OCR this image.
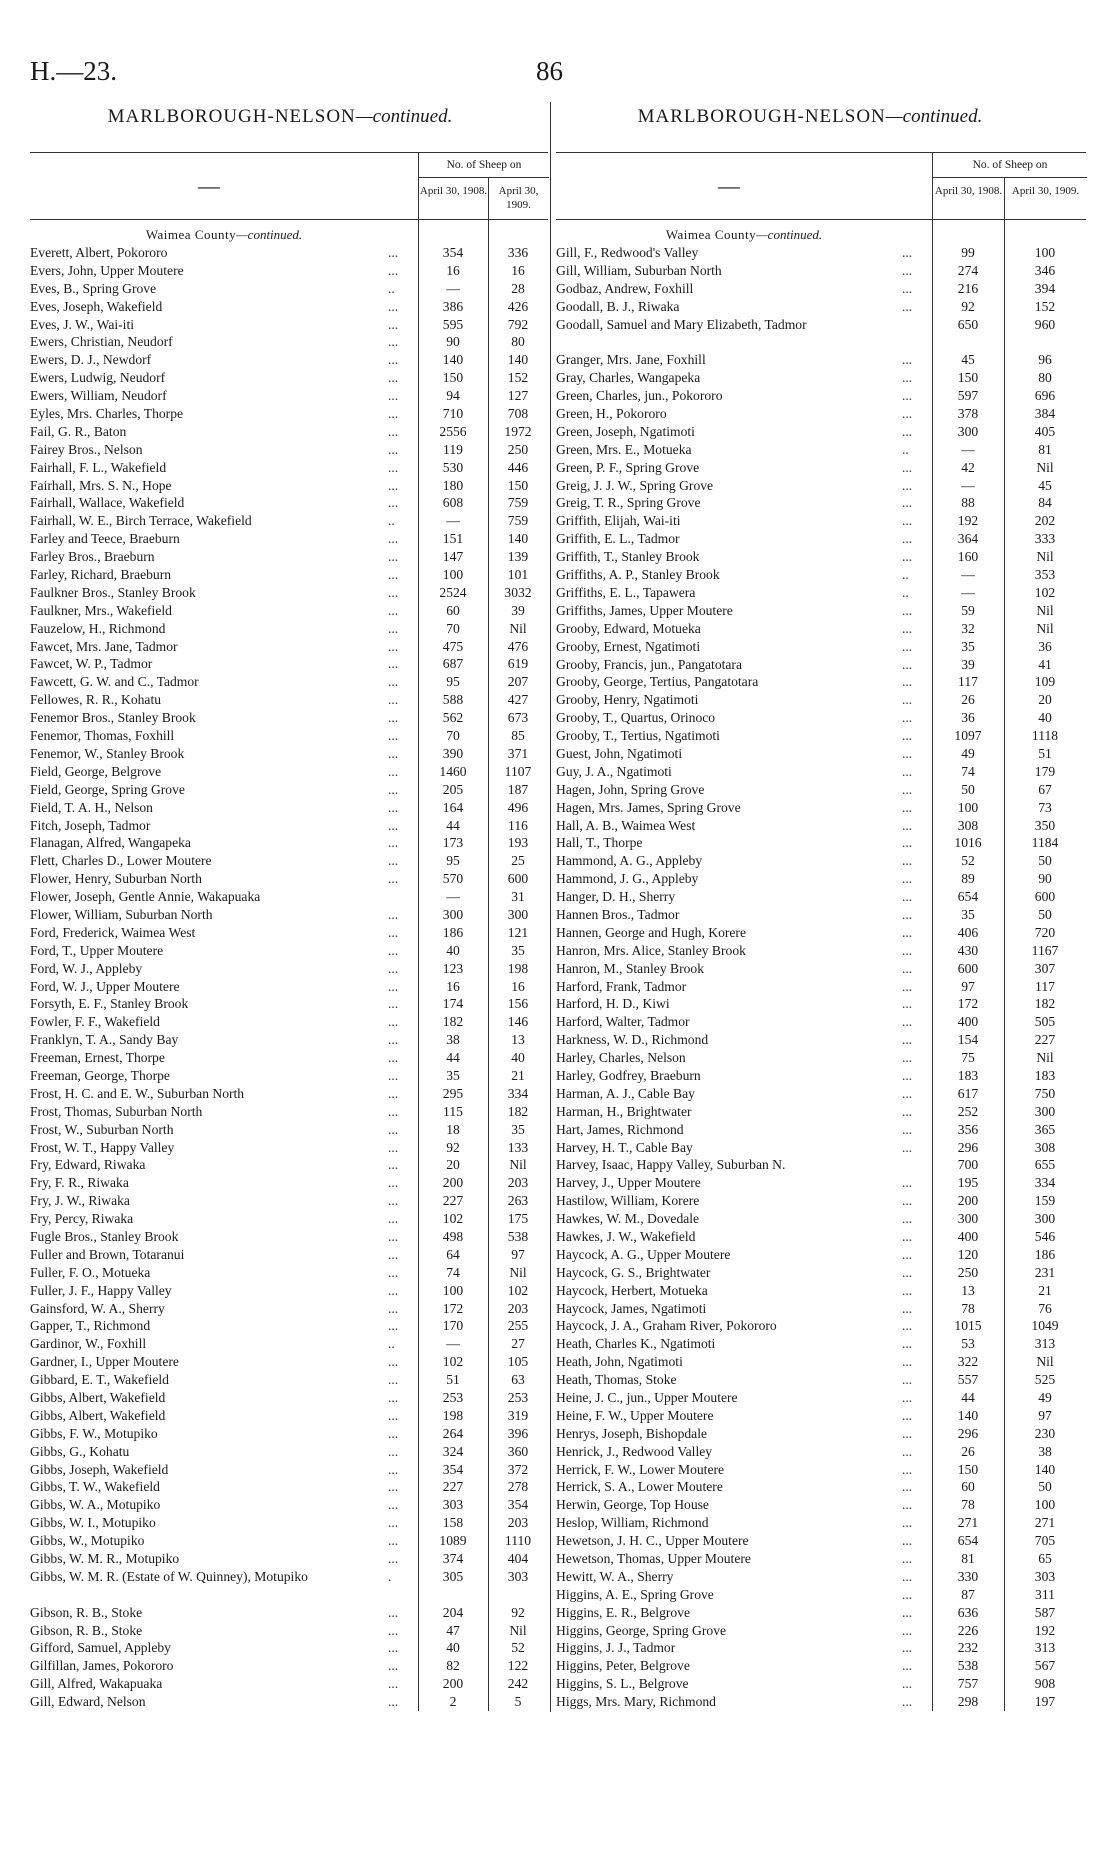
H.—23.	86
MARLBOROUGH-NELSON—continued.	MARLBOROUGH-NELSON—continued.
—
No. of Sheep on
April 30, 1908.	April 30, 1909.
Waimea County—continued.
Everett, Albert, Pokororo	...	354	336
Evers, John, Upper Moutere	...	16	16
Eves, B., Spring Grove	..	—	28
Eves, Joseph, Wakefield	...	386	426
Eves, J. W., Wai-iti	...	595	792
Ewers, Christian, Neudorf	...	90	80
Ewers, D. J., Newdorf	...	140	140
Ewers, Ludwig, Neudorf	...	150	152
Ewers, William, Neudorf	...	94	127
Eyles, Mrs. Charles, Thorpe	...	710	708
Fail, G. R., Baton	...	2556	1972
Fairey Bros., Nelson	...	119	250
Fairhall, F. L., Wakefield	...	530	446
Fairhall, Mrs. S. N., Hope	...	180	150
Fairhall, Wallace, Wakefield	...	608	759
Fairhall, W. E., Birch Terrace, Wakefield	..	—	759
Farley and Teece, Braeburn	...	151	140
Farley Bros., Braeburn	...	147	139
Farley, Richard, Braeburn	...	100	101
Faulkner Bros., Stanley Brook	...	2524	3032
Faulkner, Mrs., Wakefield	...	60	39
Fauzelow, H., Richmond	...	70	Nil
Fawcet, Mrs. Jane, Tadmor	...	475	476
Fawcet, W. P., Tadmor	...	687	619
Fawcett, G. W. and C., Tadmor	...	95	207
Fellowes, R. R., Kohatu	...	588	427
Fenemor Bros., Stanley Brook	...	562	673
Fenemor, Thomas, Foxhill	...	70	85
Fenemor, W., Stanley Brook	...	390	371
Field, George, Belgrove	...	1460	1107
Field, George, Spring Grove	...	205	187
Field, T. A. H., Nelson	...	164	496
Fitch, Joseph, Tadmor	...	44	116
Flanagan, Alfred, Wangapeka	...	173	193
Flett, Charles D., Lower Moutere	...	95	25
Flower, Henry, Suburban North	...	570	600
Flower, Joseph, Gentle Annie, Wakapuaka	—	31
Flower, William, Suburban North	...	300	300
Ford, Frederick, Waimea West	...	186	121
Ford, T., Upper Moutere	...	40	35
Ford, W. J., Appleby	...	123	198
Ford, W. J., Upper Moutere	...	16	16
Forsyth, E. F., Stanley Brook	...	174	156
Fowler, F. F., Wakefield	...	182	146
Franklyn, T. A., Sandy Bay	...	38	13
Freeman, Ernest, Thorpe	...	44	40
Freeman, George, Thorpe	...	35	21
Frost, H. C. and E. W., Suburban North	...	295	334
Frost, Thomas, Suburban North	...	115	182
Frost, W., Suburban North	...	18	35
Frost, W. T., Happy Valley	...	92	133
Fry, Edward, Riwaka	...	20	Nil
Fry, F. R., Riwaka	...	200	203
Fry, J. W., Riwaka	...	227	263
Fry, Percy, Riwaka	...	102	175
Fugle Bros., Stanley Brook	...	498	538
Fuller and Brown, Totaranui	...	64	97
Fuller, F. O., Motueka	...	74	Nil
Fuller, J. F., Happy Valley	...	100	102
Gainsford, W. A., Sherry	...	172	203
Gapper, T., Richmond	...	170	255
Gardinor, W., Foxhill	..	—	27
Gardner, I., Upper Moutere	...	102	105
Gibbard, E. T., Wakefield	...	51	63
Gibbs, Albert, Wakefield	...	253	253
Gibbs, Albert, Wakefield	...	198	319
Gibbs, F. W., Motupiko	...	264	396
Gibbs, G., Kohatu	...	324	360
Gibbs, Joseph, Wakefield	...	354	372
Gibbs, T. W., Wakefield	...	227	278
Gibbs, W. A., Motupiko	...	303	354
Gibbs, W. I., Motupiko	...	158	203
Gibbs, W., Motupiko	...	1089	1110
Gibbs, W. M. R., Motupiko	...	374	404
Gibbs, W. M. R. (Estate of W. Quinney), Motupiko	.	305	303
Gibson, R. B., Stoke	...	204	92
Gibson, R. B., Stoke	...	47	Nil
Gifford, Samuel, Appleby	...	40	52
Gilfillan, James, Pokororo	...	82	122
Gill, Alfred, Wakapuaka	...	200	242
Gill, Edward, Nelson	...	2	5
—
No. of Sheep on
April 30, 1908. April 30, 1909.
Waimea County—continued.
Gill, F., Redwood's Valley	...	99	100
Gill, William, Suburban North	...	274	346
Godbaz, Andrew, Foxhill	...	216	394
Goodall, B. J., Riwaka	...	92	152
Goodall, Samuel and Mary Elizabeth, Tadmor	650	960
Granger, Mrs. Jane, Foxhill	...	45	96
Gray, Charles, Wangapeka	...	150	80
Green, Charles, jun., Pokororo	...	597	696
Green, H., Pokororo	...	378	384
Green, Joseph, Ngatimoti	...	300	405
Green, Mrs. E., Motueka	..	—	81
Green, P. F., Spring Grove	...	42	Nil
Greig, J. J. W., Spring Grove	...	—	45
Greig, T. R., Spring Grove	...	88	84
Griffith, Elijah, Wai-iti	...	192	202
Griffith, E. L., Tadmor	...	364	333
Griffith, T., Stanley Brook	...	160	Nil
Griffiths, A. P., Stanley Brook	..	—	353
Griffiths, E. L., Tapawera	..	—	102
Griffiths, James, Upper Moutere	...	59	Nil
Grooby, Edward, Motueka	...	32	Nil
Grooby, Ernest, Ngatimoti	...	35	36
Grooby, Francis, jun., Pangatotara	...	39	41
Grooby, George, Tertius, Pangatotara	...	117	109
Grooby, Henry, Ngatimoti	...	26	20
Grooby, T., Quartus, Orinoco	...	36	40
Grooby, T., Tertius, Ngatimoti	...	1097	1118
Guest, John, Ngatimoti	...	49	51
Guy, J. A., Ngatimoti	...	74	179
Hagen, John, Spring Grove	...	50	67
Hagen, Mrs. James, Spring Grove	...	100	73
Hall, A. B., Waimea West	...	308	350
Hall, T., Thorpe	...	1016	1184
Hammond, A. G., Appleby	...	52	50
Hammond, J. G., Appleby	...	89	90
Hanger, D. H., Sherry	...	654	600
Hannen Bros., Tadmor	...	35	50
Hannen, George and Hugh, Korere	...	406	720
Hanron, Mrs. Alice, Stanley Brook	...	430	1167
Hanron, M., Stanley Brook	...	600	307
Harford, Frank, Tadmor	...	97	117
Harford, H. D., Kiwi	...	172	182
Harford, Walter, Tadmor	...	400	505
Harkness, W. D., Richmond	...	154	227
Harley, Charles, Nelson	...	75	Nil
Harley, Godfrey, Braeburn	...	183	183
Harman, A. J., Cable Bay	...	617	750
Harman, H., Brightwater	...	252	300
Hart, James, Richmond	...	356	365
Harvey, H. T., Cable Bay	...	296	308
Harvey, Isaac, Happy Valley, Suburban N.	700	655
Harvey, J., Upper Moutere	...	195	334
Hastilow, William, Korere	...	200	159
Hawkes, W. M., Dovedale	...	300	300
Hawkes, J. W., Wakefield	...	400	546
Haycock, A. G., Upper Moutere	...	120	186
Haycock, G. S., Brightwater	...	250	231
Haycock, Herbert, Motueka	...	13	21
Haycock, James, Ngatimoti	...	78	76
Haycock, J. A., Graham River, Pokororo	...	1015	1049
Heath, Charles K., Ngatimoti	...	53	313
Heath, John, Ngatimoti	...	322	Nil
Heath, Thomas, Stoke	...	557	525
Heine, J. C., jun., Upper Moutere	...	44	49
Heine, F. W., Upper Moutere	...	140	97
Henrys, Joseph, Bishopdale	...	296	230
Henrick, J., Redwood Valley	...	26	38
Herrick, F. W., Lower Moutere	...	150	140
Herrick, S. A., Lower Moutere	...	60	50
Herwin, George, Top House	...	78	100
Heslop, William, Richmond	...	271	271
Hewetson, J. H. C., Upper Moutere	...	654	705
Hewetson, Thomas, Upper Moutere	...	81	65
Hewitt, W. A., Sherry	...	330	303
Higgins, A. E., Spring Grove	...	87	311
Higgins, E. R., Belgrove	...	636	587
Higgins, George, Spring Grove	...	226	192
Higgins, J. J., Tadmor	...	232	313
Higgins, Peter, Belgrove	...	538	567
Higgins, S. L., Belgrove	...	757	908
Higgs, Mrs. Mary, Richmond	...	298	197
